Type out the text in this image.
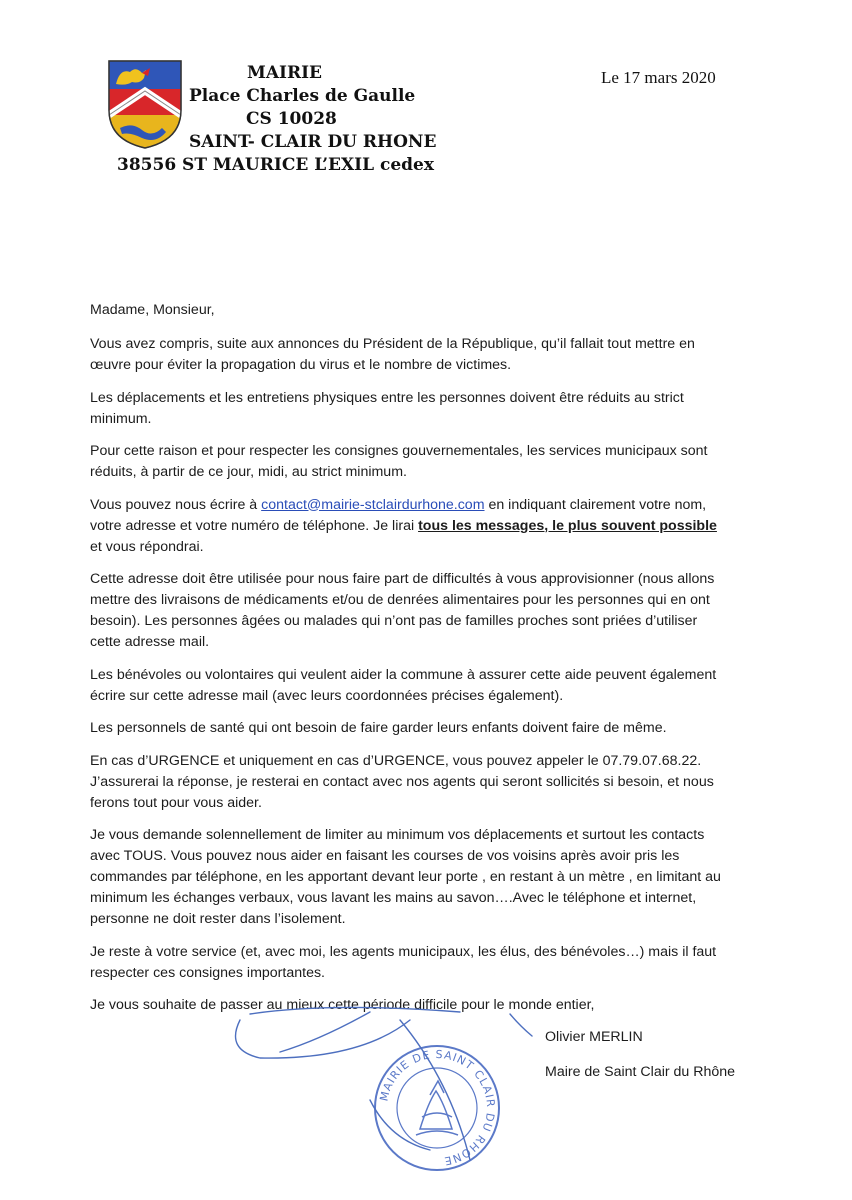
MAIRIE
Place Charles de Gaulle
CS 10028
SAINT- CLAIR DU RHONE
38556 ST MAURICE L’EXIL cedex
Le 17 mars 2020

Madame, Monsieur,

Vous avez compris, suite aux annonces du Président de la République, qu’il fallait tout mettre en œuvre pour éviter la propagation du virus et le nombre de victimes.

Les déplacements et les entretiens physiques entre les personnes doivent être réduits au strict minimum.

Pour cette raison et pour respecter les consignes gouvernementales, les services municipaux sont réduits, à partir de ce jour, midi, au strict minimum.

Vous pouvez nous écrire à contact@mairie-stclairdurhone.com en indiquant clairement votre nom, votre adresse et votre numéro de téléphone. Je lirai tous les messages, le plus souvent possible et vous répondrai.

Cette adresse doit être utilisée pour nous faire part de difficultés à vous approvisionner (nous allons mettre des livraisons de médicaments et/ou de denrées alimentaires pour les personnes qui en ont besoin). Les personnes âgées ou malades qui n’ont pas de familles proches sont priées d’utiliser cette adresse mail.

Les bénévoles ou volontaires qui veulent aider la commune à assurer cette aide peuvent également écrire sur cette adresse mail (avec leurs coordonnées précises également).

Les personnels de santé qui ont besoin de faire garder leurs enfants doivent faire de même.

En cas d’URGENCE et uniquement en cas d’URGENCE, vous pouvez appeler le 07.79.07.68.22. J’assurerai la réponse, je resterai en contact avec nos agents qui seront sollicités si besoin, et nous ferons tout pour vous aider.

Je vous demande solennellement de limiter au minimum vos déplacements et surtout les contacts avec TOUS. Vous pouvez nous aider en faisant les courses de vos voisins après avoir pris les commandes par téléphone, en les apportant devant leur porte , en restant à un mètre , en limitant au minimum les échanges verbaux, vous lavant les mains au savon….Avec le téléphone et internet, personne ne doit rester dans l’isolement.

Je reste à votre service (et, avec moi, les agents municipaux, les élus, des bénévoles…) mais il faut respecter ces consignes importantes.

Je vous souhaite de passer au mieux cette période difficile pour le monde entier,

MAIRIE DE SAINT CLAIR DU RHONE
Olivier MERLIN
Maire de Saint Clair du Rhône
